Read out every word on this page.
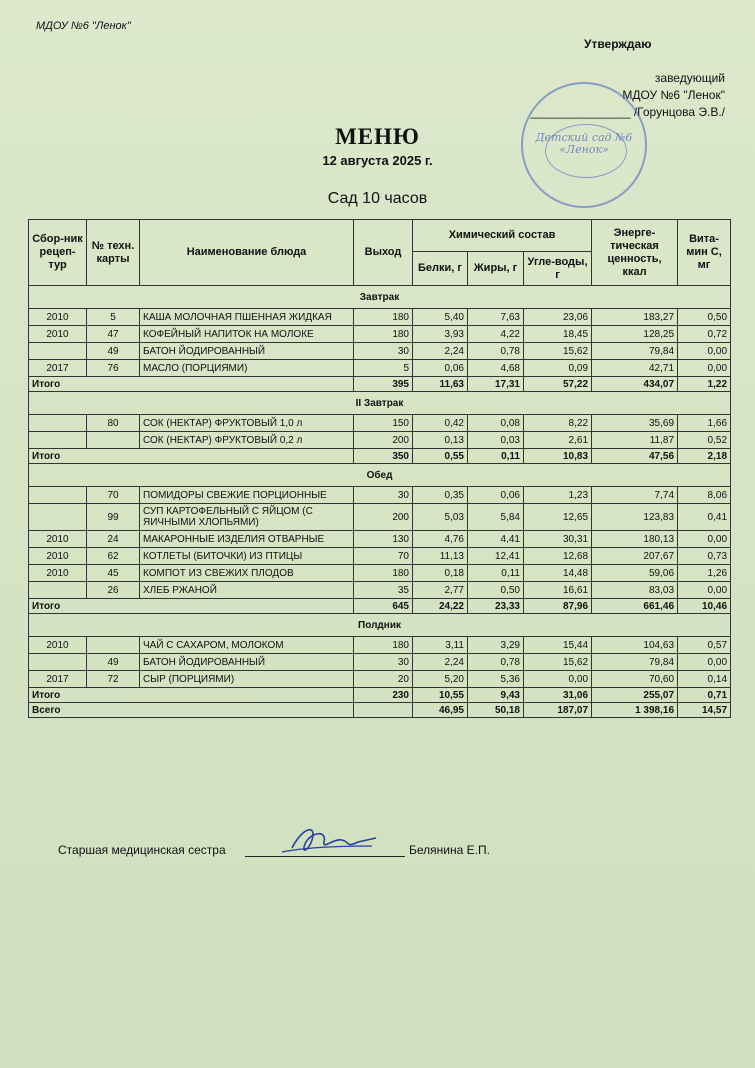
МДОУ №6 "Ленок"
Утверждаю
заведующий
МДОУ №6 "Ленок"
_______________ /Горунцова Э.В./
Детский сад №6 «Ленок»
МЕНЮ
12 августа 2025 г.
Сад 10 часов
Сбор-ник рецеп-тур	№ техн. карты	Наименование блюда	Выход	Химический состав			Энерге-тическая ценность, ккал	Вита-мин С, мг
				Белки, г	Жиры, г	Угле-воды, г		
Завтрак								
2010	5	КАША МОЛОЧНАЯ ПШЕННАЯ ЖИДКАЯ	180	5,40	7,63	23,06	183,27	0,50
2010	47	КОФЕЙНЫЙ НАПИТОК НА МОЛОКЕ	180	3,93	4,22	18,45	128,25	0,72
	49	БАТОН ЙОДИРОВАННЫЙ	30	2,24	0,78	15,62	79,84	0,00
2017	76	МАСЛО (ПОРЦИЯМИ)	5	0,06	4,68	0,09	42,71	0,00
Итого			395	11,63	17,31	57,22	434,07	1,22
II Завтрак								
	80	СОК (НЕКТАР) ФРУКТОВЫЙ 1,0 л	150	0,42	0,08	8,22	35,69	1,66
		СОК (НЕКТАР) ФРУКТОВЫЙ 0,2 л	200	0,13	0,03	2,61	11,87	0,52
Итого			350	0,55	0,11	10,83	47,56	2,18
Обед								
	70	ПОМИДОРЫ СВЕЖИЕ ПОРЦИОННЫЕ	30	0,35	0,06	1,23	7,74	8,06
	99	СУП КАРТОФЕЛЬНЫЙ С ЯЙЦОМ (С ЯИЧНЫМИ ХЛОПЬЯМИ)	200	5,03	5,84	12,65	123,83	0,41
2010	24	МАКАРОННЫЕ ИЗДЕЛИЯ ОТВАРНЫЕ	130	4,76	4,41	30,31	180,13	0,00
2010	62	КОТЛЕТЫ (БИТОЧКИ) ИЗ ПТИЦЫ	70	11,13	12,41	12,68	207,67	0,73
2010	45	КОМПОТ ИЗ СВЕЖИХ ПЛОДОВ	180	0,18	0,11	14,48	59,06	1,26
	26	ХЛЕБ РЖАНОЙ	35	2,77	0,50	16,61	83,03	0,00
Итого			645	24,22	23,33	87,96	661,46	10,46
Полдник								
2010		ЧАЙ С САХАРОМ, МОЛОКОМ	180	3,11	3,29	15,44	104,63	0,57
	49	БАТОН ЙОДИРОВАННЫЙ	30	2,24	0,78	15,62	79,84	0,00
2017	72	СЫР (ПОРЦИЯМИ)	20	5,20	5,36	0,00	70,60	0,14
Итого			230	10,55	9,43	31,06	255,07	0,71
Всего				46,95	50,18	187,07	1 398,16	14,57
Старшая медицинская сестра	Белянина Е.П.
